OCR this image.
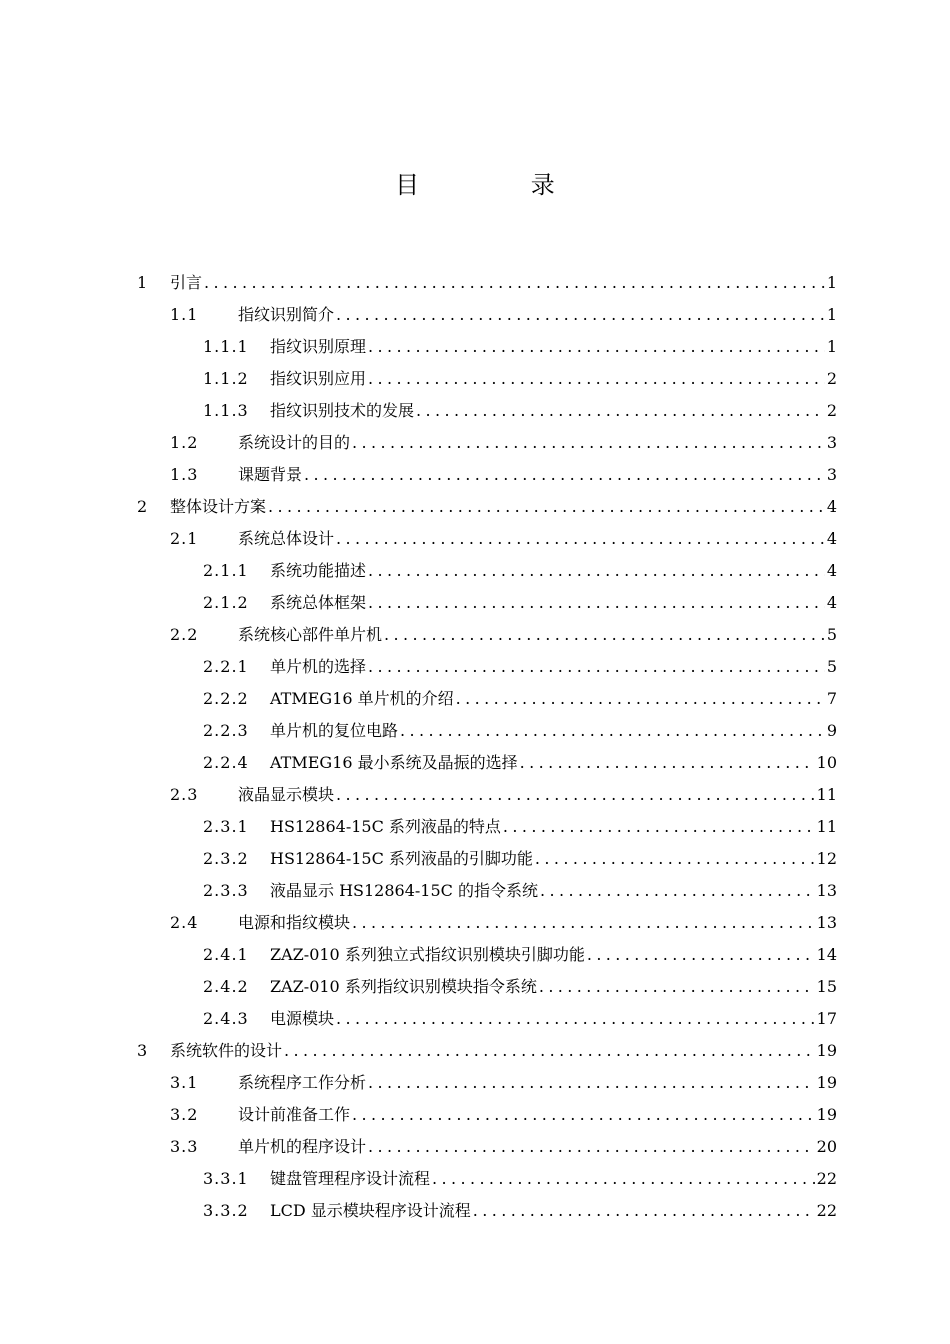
目 录
1	引言 .....	1
1.1	指纹识别简介 .....	1
1.1.1	指纹识别原理 .....	1
1.1.2	指纹识别应用 .....	2
1.1.3	指纹识别技术的发展 .....	2
1.2	系统设计的目的 .....	3
1.3	课题背景 .....	3
2	整体设计方案 .....	4
2.1	系统总体设计 .....	4
2.1.1	系统功能描述 .....	4
2.1.2	系统总体框架 .....	4
2.2	系统核心部件单片机 .....	5
2.2.1	单片机的选择 .....	5
2.2.2	ATMEG16 单片机的介绍 .....	7
2.2.3	单片机的复位电路 .....	9
2.2.4	ATMEG16 最小系统及晶振的选择 .....	10
2.3	液晶显示模块 .....	11
2.3.1	HS12864-15C 系列液晶的特点 .....	11
2.3.2	HS12864-15C 系列液晶的引脚功能 .....	12
2.3.3	液晶显示 HS12864-15C 的指令系统 .....	13
2.4	电源和指纹模块 .....	13
2.4.1	ZAZ-010 系列独立式指纹识别模块引脚功能 .....	14
2.4.2	ZAZ-010 系列指纹识别模块指令系统 .....	15
2.4.3	电源模块 .....	17
3	系统软件的设计 .....	19
3.1	系统程序工作分析 .....	19
3.2	设计前准备工作 .....	19
3.3	单片机的程序设计 .....	20
3.3.1	键盘管理程序设计流程 .....	22
3.3.2	LCD 显示模块程序设计流程 .....	22
